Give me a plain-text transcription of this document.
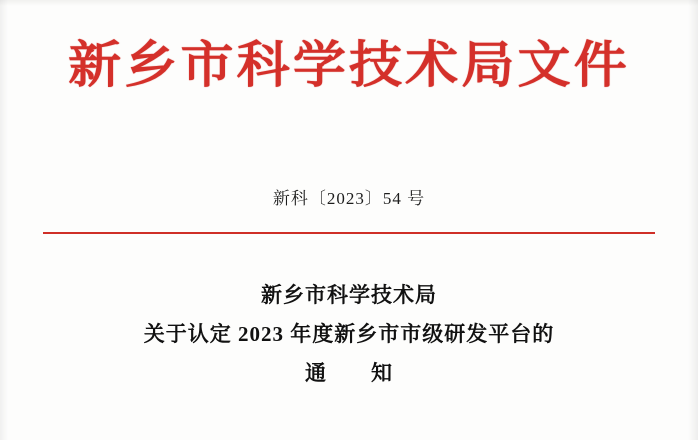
新乡市科学技术局文件
新科〔2023〕54 号
新乡市科学技术局
关于认定 2023 年度新乡市市级研发平台的
通　　知
